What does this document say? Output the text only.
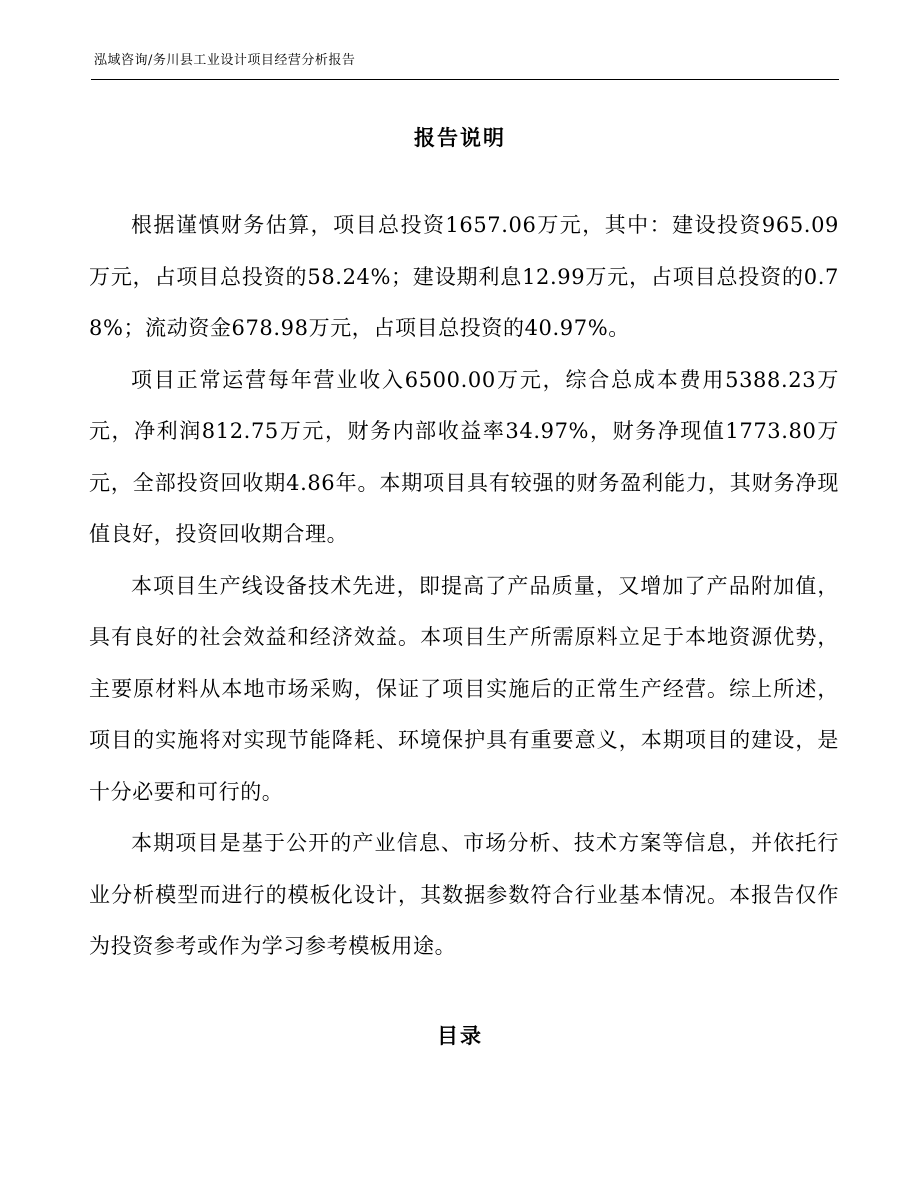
泓域咨询/务川县工业设计项目经营分析报告
报告说明

根据谨慎财务估算，项目总投资1657.06万元，其中：建设投资965.09万元，占项目总投资的58.24%；建设期利息12.99万元，占项目总投资的0.78%；流动资金678.98万元，占项目总投资的40.97%。

项目正常运营每年营业收入6500.00万元，综合总成本费用5388.23万元，净利润812.75万元，财务内部收益率34.97%，财务净现值1773.80万元，全部投资回收期4.86年。本期项目具有较强的财务盈利能力，其财务净现值良好，投资回收期合理。

本项目生产线设备技术先进，即提高了产品质量，又增加了产品附加值，具有良好的社会效益和经济效益。本项目生产所需原料立足于本地资源优势，主要原材料从本地市场采购，保证了项目实施后的正常生产经营。综上所述，项目的实施将对实现节能降耗、环境保护具有重要意义，本期项目的建设，是十分必要和可行的。

本期项目是基于公开的产业信息、市场分析、技术方案等信息，并依托行业分析模型而进行的模板化设计，其数据参数符合行业基本情况。本报告仅作为投资参考或作为学习参考模板用途。

目录
